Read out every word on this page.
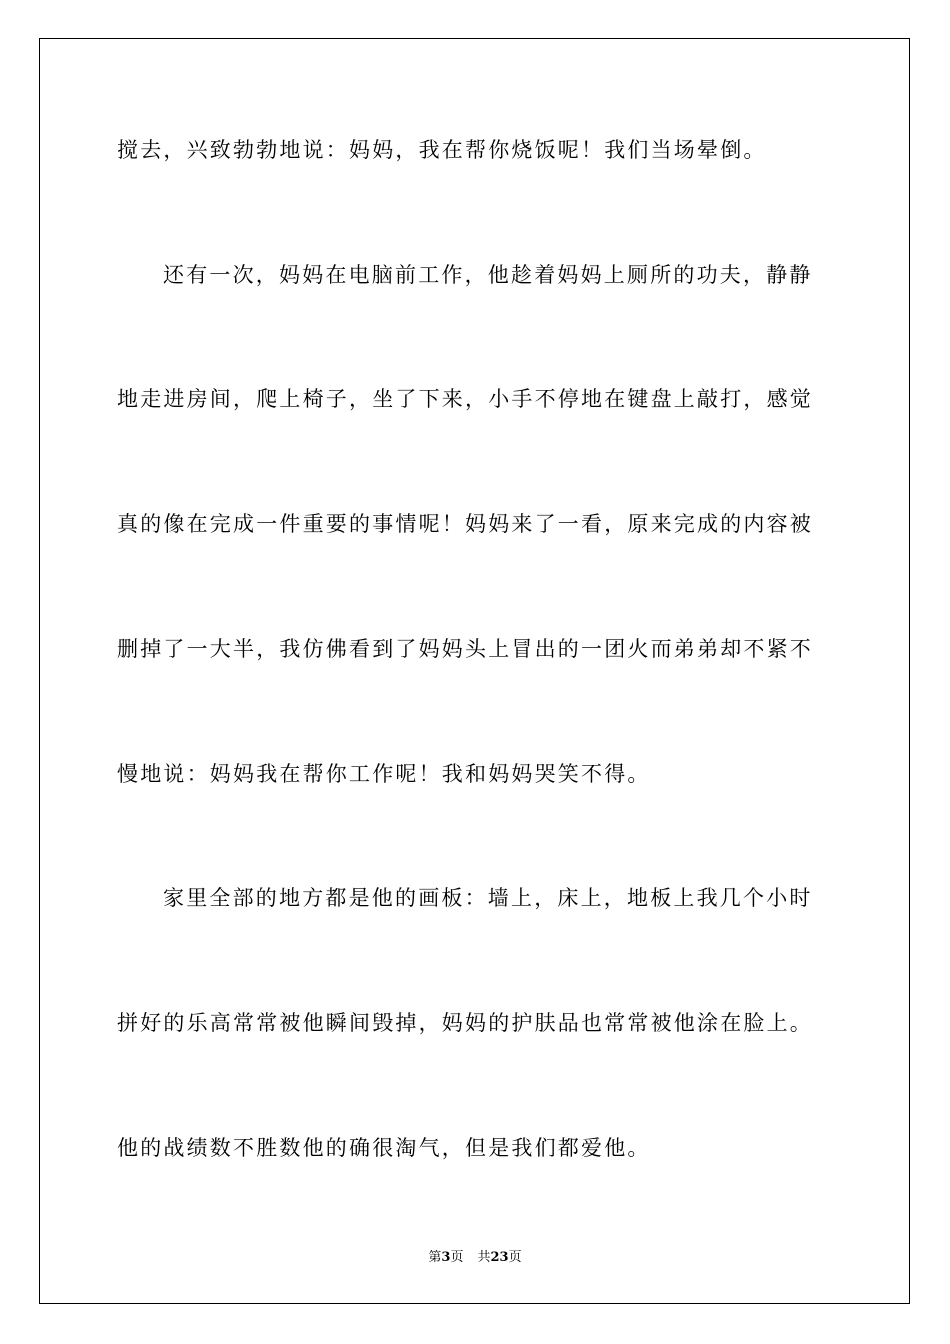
搅去，兴致勃勃地说：妈妈，我在帮你烧饭呢！我们当场晕倒。
还有一次，妈妈在电脑前工作，他趁着妈妈上厕所的功夫，静静
地走进房间，爬上椅子，坐了下来，小手不停地在键盘上敲打，感觉
真的像在完成一件重要的事情呢！妈妈来了一看，原来完成的内容被
删掉了一大半，我仿佛看到了妈妈头上冒出的一团火而弟弟却不紧不
慢地说：妈妈我在帮你工作呢！我和妈妈哭笑不得。
家里全部的地方都是他的画板：墙上，床上，地板上我几个小时
拼好的乐高常常被他瞬间毁掉，妈妈的护肤品也常常被他涂在脸上。
他的战绩数不胜数他的确很淘气，但是我们都爱他。
第3页 共23页
